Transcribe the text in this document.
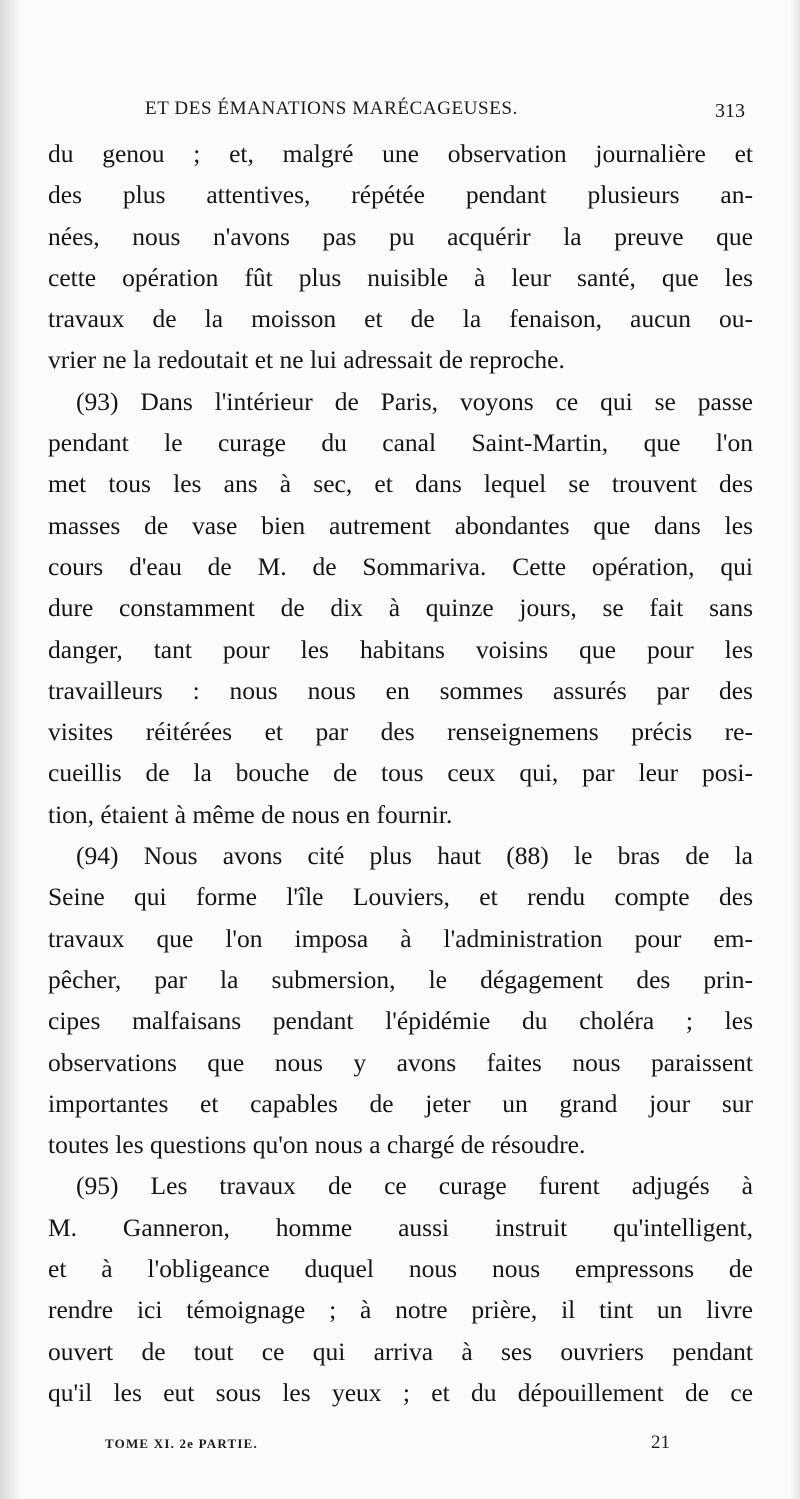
ET DES ÉMANATIONS MARÉCAGEUSES.	313
du genou ; et, malgré une observation journalière et
des plus attentives, répétée pendant plusieurs an-
nées, nous n'avons pas pu acquérir la preuve que
cette opération fût plus nuisible à leur santé, que les
travaux de la moisson et de la fenaison, aucun ou-
vrier ne la redoutait et ne lui adressait de reproche.
(93) Dans l'intérieur de Paris, voyons ce qui se passe
pendant le curage du canal Saint-Martin, que l'on
met tous les ans à sec, et dans lequel se trouvent des
masses de vase bien autrement abondantes que dans les
cours d'eau de M. de Sommariva. Cette opération, qui
dure constamment de dix à quinze jours, se fait sans
danger, tant pour les habitans voisins que pour les
travailleurs : nous nous en sommes assurés par des
visites réitérées et par des renseignemens précis re-
cueillis de la bouche de tous ceux qui, par leur posi-
tion, étaient à même de nous en fournir.
(94) Nous avons cité plus haut (88) le bras de la
Seine qui forme l'île Louviers, et rendu compte des
travaux que l'on imposa à l'administration pour em-
pêcher, par la submersion, le dégagement des prin-
cipes malfaisans pendant l'épidémie du choléra ; les
observations que nous y avons faites nous paraissent
importantes et capables de jeter un grand jour sur
toutes les questions qu'on nous a chargé de résoudre.
(95) Les travaux de ce curage furent adjugés à
M. Ganneron, homme aussi instruit qu'intelligent,
et à l'obligeance duquel nous nous empressons de
rendre ici témoignage ; à notre prière, il tint un livre
ouvert de tout ce qui arriva à ses ouvriers pendant
qu'il les eut sous les yeux ; et du dépouillement de ce
TOME XI. 2e PARTIE.	21
